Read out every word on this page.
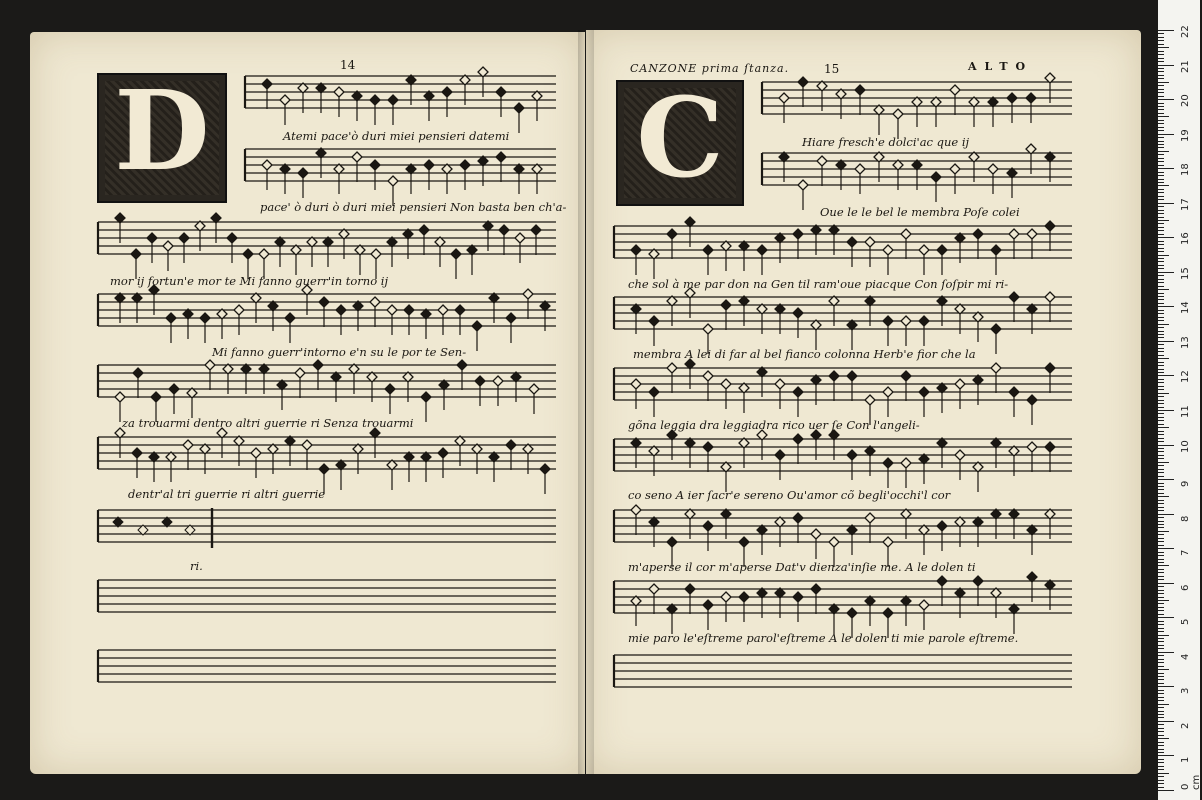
D	C
14	CANZONE prima ſtanza.	15	ALTO
Atemi pace'ò duri miei pensieri datemi
pace' ò duri ò duri miei pensieri Non basta ben ch'a-
mor ij fortun'e mor te Mi fanno guerr'in torno ij
Mi fanno guerr'intorno e'n su le por te Sen-
za trouarmi dentro altri guerrie ri Senza trouarmi
dentr'al tri guerrie ri altri guerrie
ri.
Hiare fresch'e dolci'ac que ij
Oue le le bel le membra Poſe colei
che sol à me par don na Gen til ram'oue piacque Con ſoſpir mi ri-
membra A lei di far al bel fianco colonna Herb'e fior che la
gõna leggia dra leggiadra rico uer ſe Con l'angeli-
co seno A ier ſacr'e sereno Ou'amor cõ begli'occhi'l cor
m'aperse il cor m'aperse Dat'v dienza'inſie me. A le dolen ti
mie paro le'eſtreme parol'eſtreme A le dolen ti mie parole eſtreme.
0 cm
1
2
3
4
5
6
7
8
9
10
11
12
13
14
15
16
17
18
19
20
21
22
